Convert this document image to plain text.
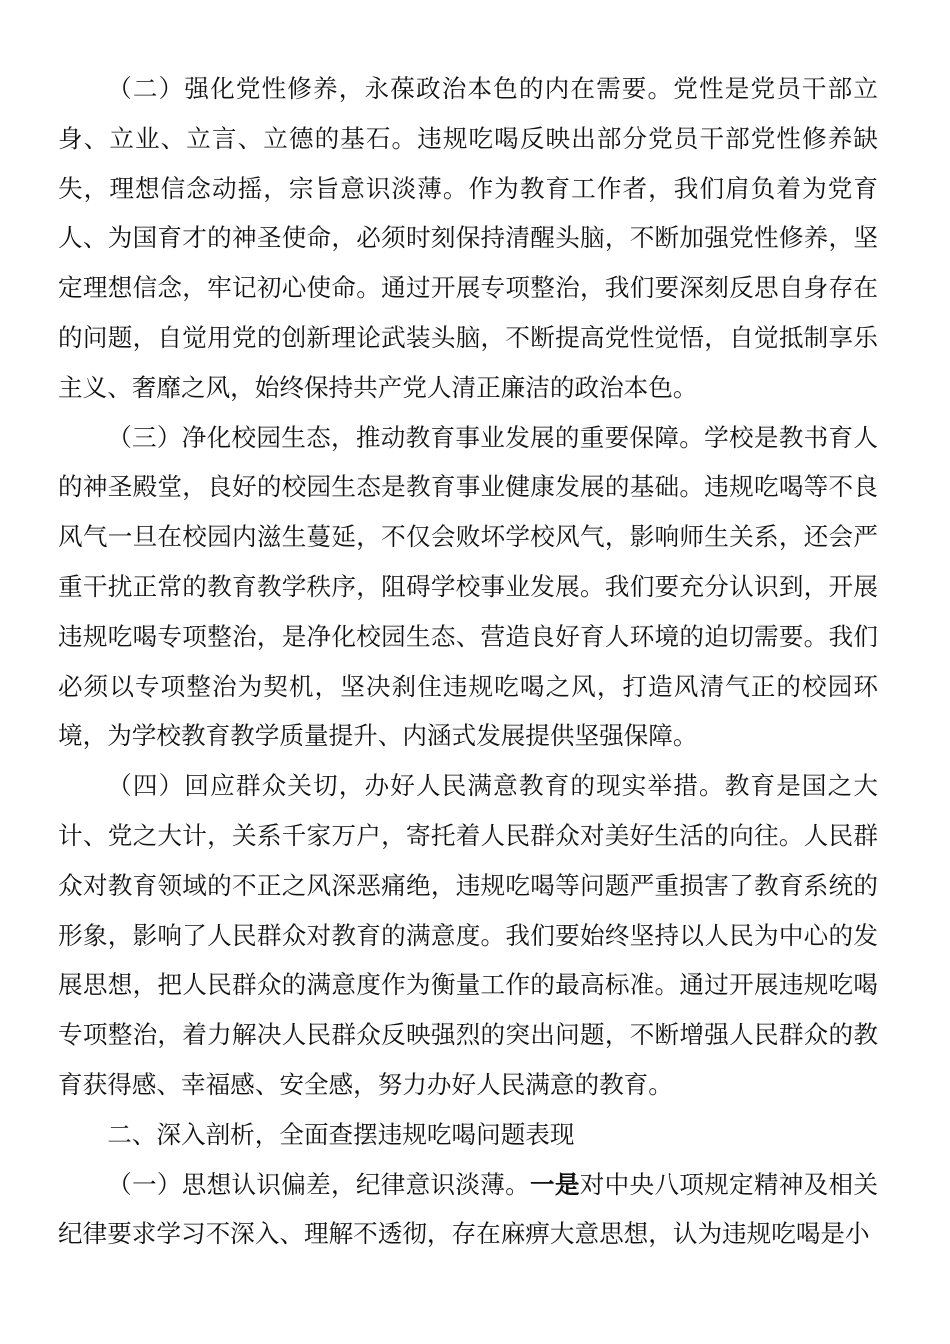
（二）强化党性修养，永葆政治本色的内在需要。党性是党员干部立身、立业、立言、立德的基石。违规吃喝反映出部分党员干部党性修养缺失，理想信念动摇，宗旨意识淡薄。作为教育工作者，我们肩负着为党育人、为国育才的神圣使命，必须时刻保持清醒头脑，不断加强党性修养，坚定理想信念，牢记初心使命。通过开展专项整治，我们要深刻反思自身存在的问题，自觉用党的创新理论武装头脑，不断提高党性觉悟，自觉抵制享乐主义、奢靡之风，始终保持共产党人清正廉洁的政治本色。

（三）净化校园生态，推动教育事业发展的重要保障。学校是教书育人的神圣殿堂，良好的校园生态是教育事业健康发展的基础。违规吃喝等不良风气一旦在校园内滋生蔓延，不仅会败坏学校风气，影响师生关系，还会严重干扰正常的教育教学秩序，阻碍学校事业发展。我们要充分认识到，开展违规吃喝专项整治，是净化校园生态、营造良好育人环境的迫切需要。我们必须以专项整治为契机，坚决刹住违规吃喝之风，打造风清气正的校园环境，为学校教育教学质量提升、内涵式发展提供坚强保障。

（四）回应群众关切，办好人民满意教育的现实举措。教育是国之大计、党之大计，关系千家万户，寄托着人民群众对美好生活的向往。人民群众对教育领域的不正之风深恶痛绝，违规吃喝等问题严重损害了教育系统的形象，影响了人民群众对教育的满意度。我们要始终坚持以人民为中心的发展思想，把人民群众的满意度作为衡量工作的最高标准。通过开展违规吃喝专项整治，着力解决人民群众反映强烈的突出问题，不断增强人民群众的教育获得感、幸福感、安全感，努力办好人民满意的教育。

二、深入剖析，全面查摆违规吃喝问题表现

（一）思想认识偏差，纪律意识淡薄。一是对中央八项规定精神及相关纪律要求学习不深入、理解不透彻，存在麻痹大意思想，认为违规吃喝是小
